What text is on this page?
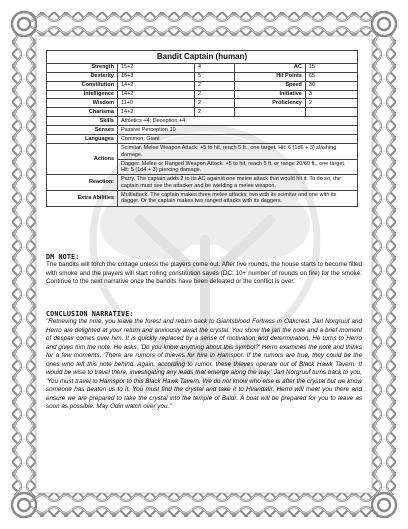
Bandit Captain (human)				
Strength	15+2	4	AC	15
Dexterity	16+3	5	Hit Points	65
Constitution	14+2	2	Speed	30
Intelligence	14+2	2	Initiative	3
Wisdom	11+0	2	Proficiency	2
Charisma	14+2	2		
Skills	Athletics +4; Deception +4			
Senses	Passive Perception 10			
Languages	Common; Giant			
Actions	Scimitar. Melee Weapon Attack: +5 to hit, reach 5 ft., one target. Hit: 6 (1d6 + 3) slashing damage.			
	Dagger. Melee or Ranged Weapon Attack: +5 to hit, reach 5 ft. or range 20/60 ft., one target. Hit: 5 (1d4 + 3) piercing damage.			
Reaction:	Parry. The captain adds 2 to its AC against one melee attack that would hit it. To do so, the captain must see the attacker and be wielding a melee weapon.			
Extra Abilities	Multiattack. The captain makes three melee attacks: two with its scimitar and one with its dagger. Or the captain makes two ranged attacks with its daggers.			
DM NOTE:
The bandits will torch the cottage unless the players come out. After five rounds, the house starts to become filled with smoke and the players will start rolling constitution saves (DC: 10+ number of rounds on fire) for the smoke. Continue to the next narrative once the bandits have been defeated or the conflict is over.
CONCLUSION NARRATIVE:
"Retrieving the note, you leave the forest and return back to Giantsblood Fortress in Oakcrest. Jarl Norgruuf and Herro are delighted at your return and anxiously await the crystal. You show the jarl the note and a brief moment of despair comes over him. It is quickly replaced by a sense of motivation and determination. He turns to Herro and gives him the note. He asks, 'Do you know anything about this symbol?' Herro examines the note and thinks for a few moments. 'There are rumors of thieves for hire in Hamspor. If the rumors are true, they could be the ones who left this note behind. Again, according to rumor, these thieves operate out of Black Hawk Tavern. It would be wise to travel there, investigating any leads that emerge along the way.' Jarl Norgruuf turns back to you, 'You must travel to Hamspor to this Black Hawk Tavern. We do not know who else is after the crystal but we know someone has beaten us to it. You must find the crystal and take it to Hvandalir. Herro will meet you there and ensure we are prepared to take the crystal into the temple of Baldr. A boat will be prepared for you to leave as soon as possible. May Odin watch over you."
